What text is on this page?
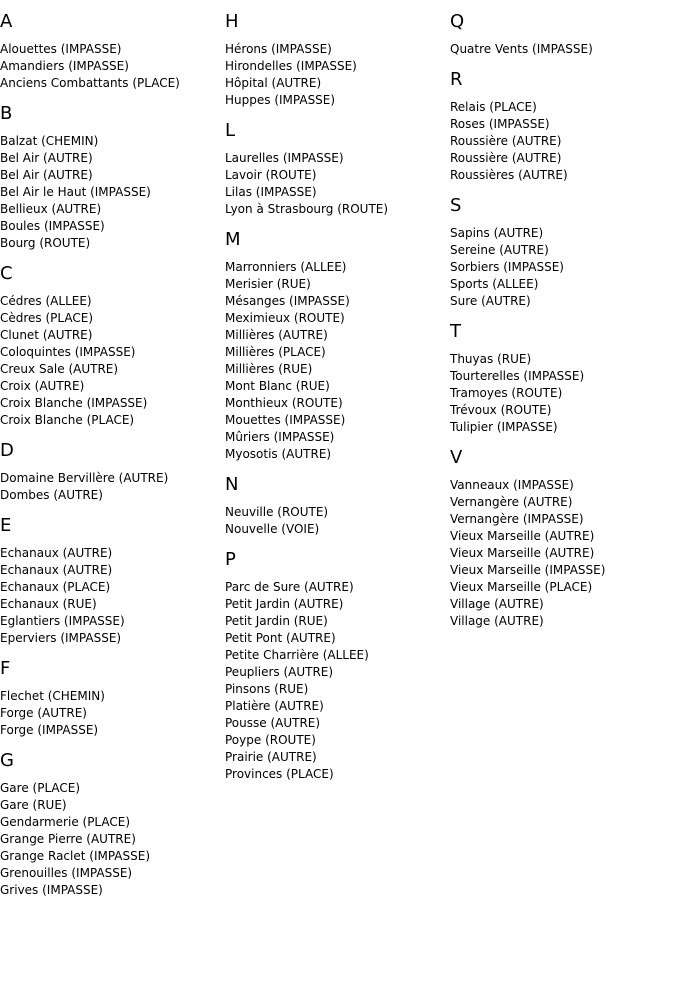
A
Alouettes (IMPASSE)
Amandiers (IMPASSE)
Anciens Combattants (PLACE)
B
Balzat (CHEMIN)
Bel Air (AUTRE)
Bel Air (AUTRE)
Bel Air le Haut (IMPASSE)
Bellieux (AUTRE)
Boules (IMPASSE)
Bourg (ROUTE)
C
Cédres (ALLEE)
Cèdres (PLACE)
Clunet (AUTRE)
Coloquintes (IMPASSE)
Creux Sale (AUTRE)
Croix (AUTRE)
Croix Blanche (IMPASSE)
Croix Blanche (PLACE)
D
Domaine Bervillère (AUTRE)
Dombes (AUTRE)
E
Echanaux (AUTRE)
Echanaux (AUTRE)
Echanaux (PLACE)
Echanaux (RUE)
Eglantiers (IMPASSE)
Eperviers (IMPASSE)
F
Flechet (CHEMIN)
Forge (AUTRE)
Forge (IMPASSE)
G
Gare (PLACE)
Gare (RUE)
Gendarmerie (PLACE)
Grange Pierre (AUTRE)
Grange Raclet (IMPASSE)
Grenouilles (IMPASSE)
Grives (IMPASSE)
H
Hérons (IMPASSE)
Hirondelles (IMPASSE)
Hôpital (AUTRE)
Huppes (IMPASSE)
L
Laurelles (IMPASSE)
Lavoir (ROUTE)
Lilas (IMPASSE)
Lyon à Strasbourg (ROUTE)
M
Marronniers (ALLEE)
Merisier (RUE)
Mésanges (IMPASSE)
Meximieux (ROUTE)
Millières (AUTRE)
Millières (PLACE)
Millières (RUE)
Mont Blanc (RUE)
Monthieux (ROUTE)
Mouettes (IMPASSE)
Mûriers (IMPASSE)
Myosotis (AUTRE)
N
Neuville (ROUTE)
Nouvelle (VOIE)
P
Parc de Sure (AUTRE)
Petit Jardin (AUTRE)
Petit Jardin (RUE)
Petit Pont (AUTRE)
Petite Charrière (ALLEE)
Peupliers (AUTRE)
Pinsons (RUE)
Platière (AUTRE)
Pousse (AUTRE)
Poype (ROUTE)
Prairie (AUTRE)
Provinces (PLACE)
Q
Quatre Vents (IMPASSE)
R
Relais (PLACE)
Roses (IMPASSE)
Roussière (AUTRE)
Roussière (AUTRE)
Roussières (AUTRE)
S
Sapins (AUTRE)
Sereine (AUTRE)
Sorbiers (IMPASSE)
Sports (ALLEE)
Sure (AUTRE)
T
Thuyas (RUE)
Tourterelles (IMPASSE)
Tramoyes (ROUTE)
Trévoux (ROUTE)
Tulipier (IMPASSE)
V
Vanneaux (IMPASSE)
Vernangère (AUTRE)
Vernangère (IMPASSE)
Vieux Marseille (AUTRE)
Vieux Marseille (AUTRE)
Vieux Marseille (IMPASSE)
Vieux Marseille (PLACE)
Village (AUTRE)
Village (AUTRE)
